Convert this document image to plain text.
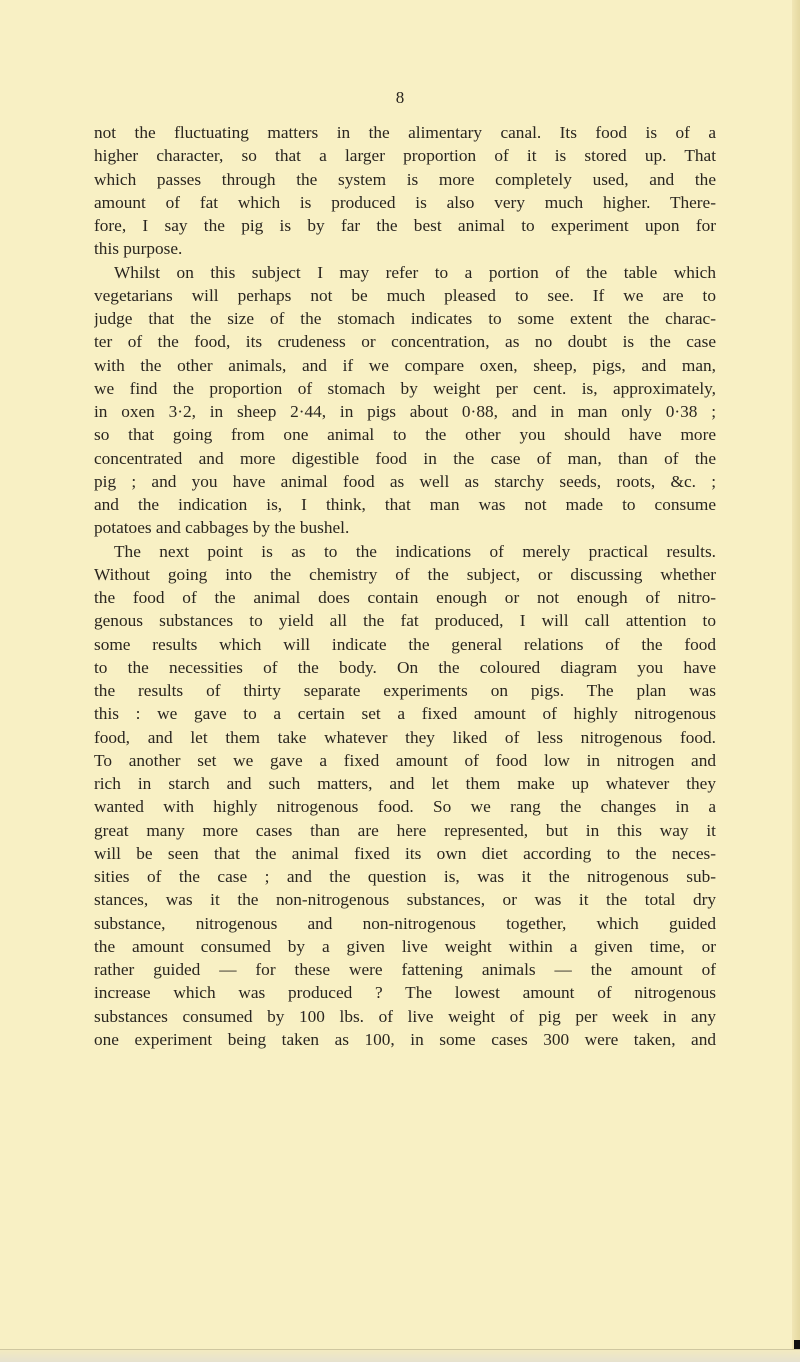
8
not the fluctuating matters in the alimentary canal. Its food is of a
higher character, so that a larger proportion of it is stored up. That
which passes through the system is more completely used, and the
amount of fat which is produced is also very much higher. There-
fore, I say the pig is by far the best animal to experiment upon for
this purpose.
Whilst on this subject I may refer to a portion of the table which
vegetarians will perhaps not be much pleased to see. If we are to
judge that the size of the stomach indicates to some extent the charac-
ter of the food, its crudeness or concentration, as no doubt is the case
with the other animals, and if we compare oxen, sheep, pigs, and man,
we find the proportion of stomach by weight per cent. is, approximately,
in oxen 3·2, in sheep 2·44, in pigs about 0·88, and in man only 0·38 ;
so that going from one animal to the other you should have more
concentrated and more digestible food in the case of man, than of the
pig ; and you have animal food as well as starchy seeds, roots, &c. ;
and the indication is, I think, that man was not made to consume
potatoes and cabbages by the bushel.
The next point is as to the indications of merely practical results.
Without going into the chemistry of the subject, or discussing whether
the food of the animal does contain enough or not enough of nitro-
genous substances to yield all the fat produced, I will call attention to
some results which will indicate the general relations of the food
to the necessities of the body. On the coloured diagram you have
the results of thirty separate experiments on pigs. The plan was
this : we gave to a certain set a fixed amount of highly nitrogenous
food, and let them take whatever they liked of less nitrogenous food.
To another set we gave a fixed amount of food low in nitrogen and
rich in starch and such matters, and let them make up whatever they
wanted with highly nitrogenous food. So we rang the changes in a
great many more cases than are here represented, but in this way it
will be seen that the animal fixed its own diet according to the neces-
sities of the case ; and the question is, was it the nitrogenous sub-
stances, was it the non-nitrogenous substances, or was it the total dry
substance, nitrogenous and non-nitrogenous together, which guided
the amount consumed by a given live weight within a given time, or
rather guided — for these were fattening animals — the amount of
increase which was produced ? The lowest amount of nitrogenous
substances consumed by 100 lbs. of live weight of pig per week in any
one experiment being taken as 100, in some cases 300 were taken, and
